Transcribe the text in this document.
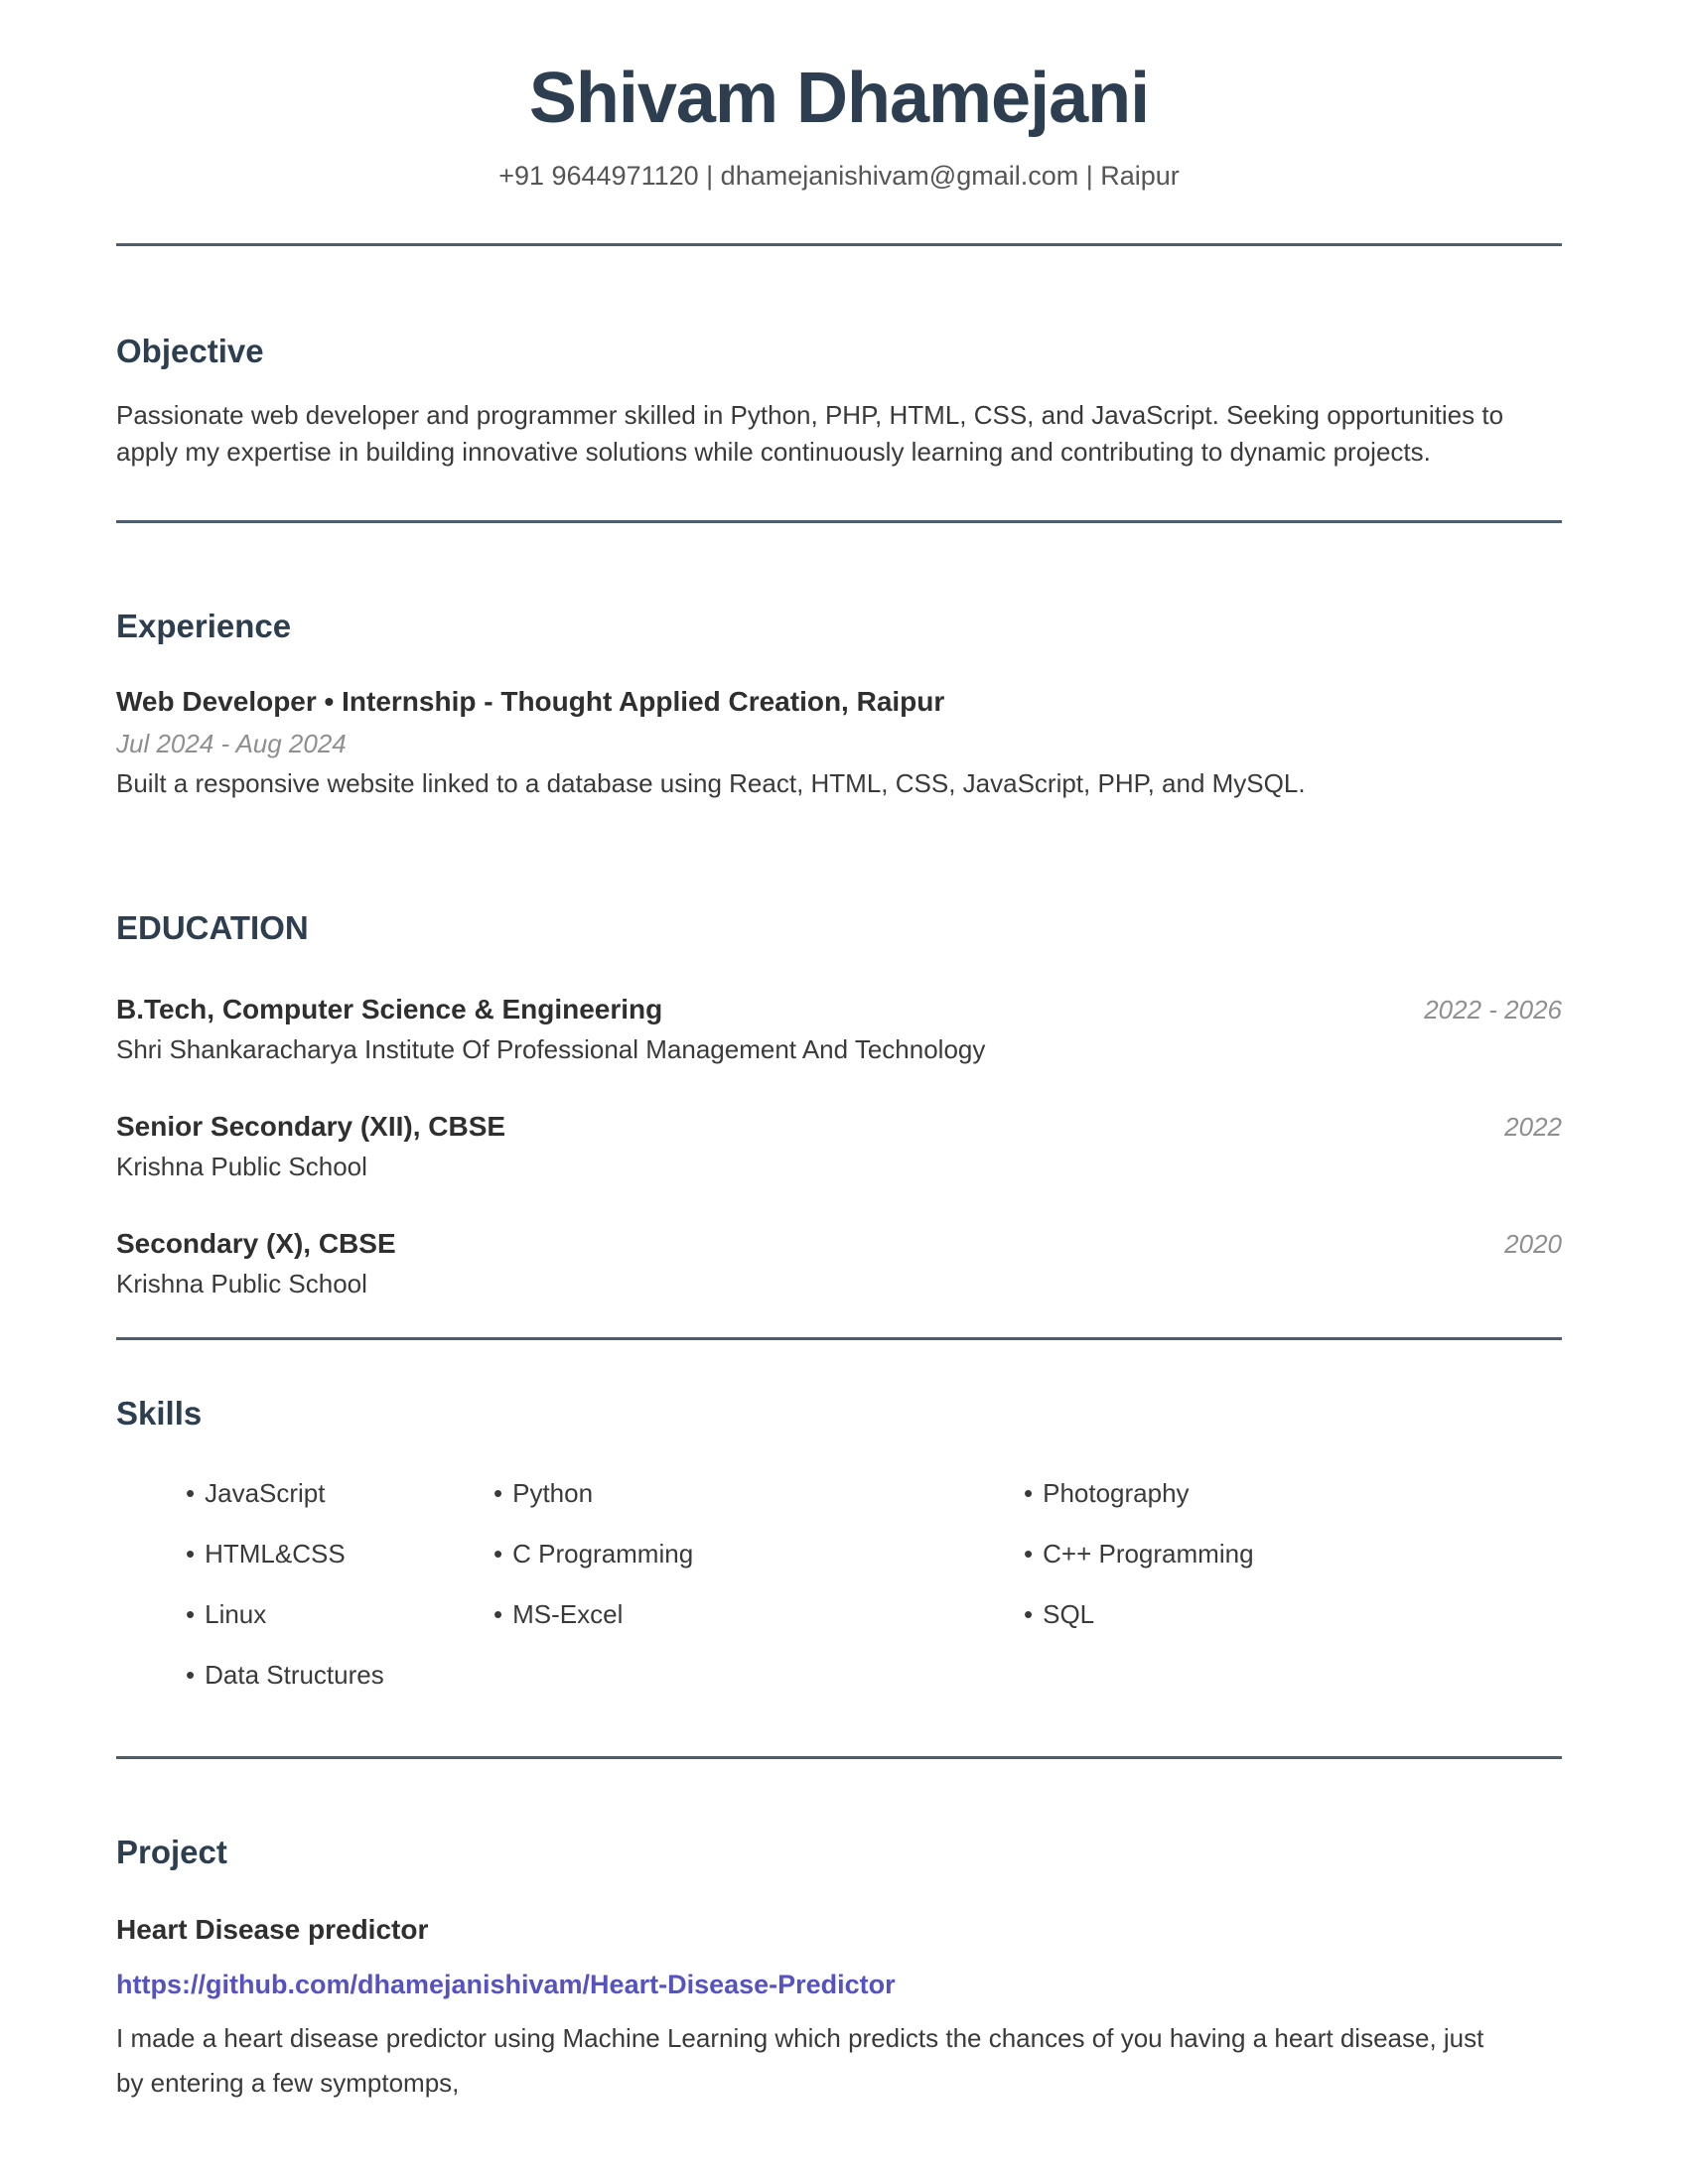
Shivam Dhamejani
+91 9644971120 | dhamejanishivam@gmail.com | Raipur
Objective

Passionate web developer and programmer skilled in Python, PHP, HTML, CSS, and JavaScript. Seeking opportunities to apply my expertise in building innovative solutions while continuously learning and contributing to dynamic projects.

Experience
Web Developer • Internship - Thought Applied Creation, Raipur
Jul 2024 - Aug 2024
Built a responsive website linked to a database using React, HTML, CSS, JavaScript, PHP, and MySQL.
EDUCATION
B.Tech, Computer Science & Engineering	2022 - 2026
Shri Shankaracharya Institute Of Professional Management And Technology
Senior Secondary (XII), CBSE	2022
Krishna Public School
Secondary (X), CBSE	2020
Krishna Public School
Skills
• JavaScript
• HTML&CSS
• Linux
• Data Structures
• Python
• C Programming
• MS-Excel
• Photography
• C++ Programming
• SQL
Project
Heart Disease predictor
https://github.com/dhamejanishivam/Heart-Disease-Predictor

I made a heart disease predictor using Machine Learning which predicts the chances of you having a heart disease, just by entering a few symptomps,
